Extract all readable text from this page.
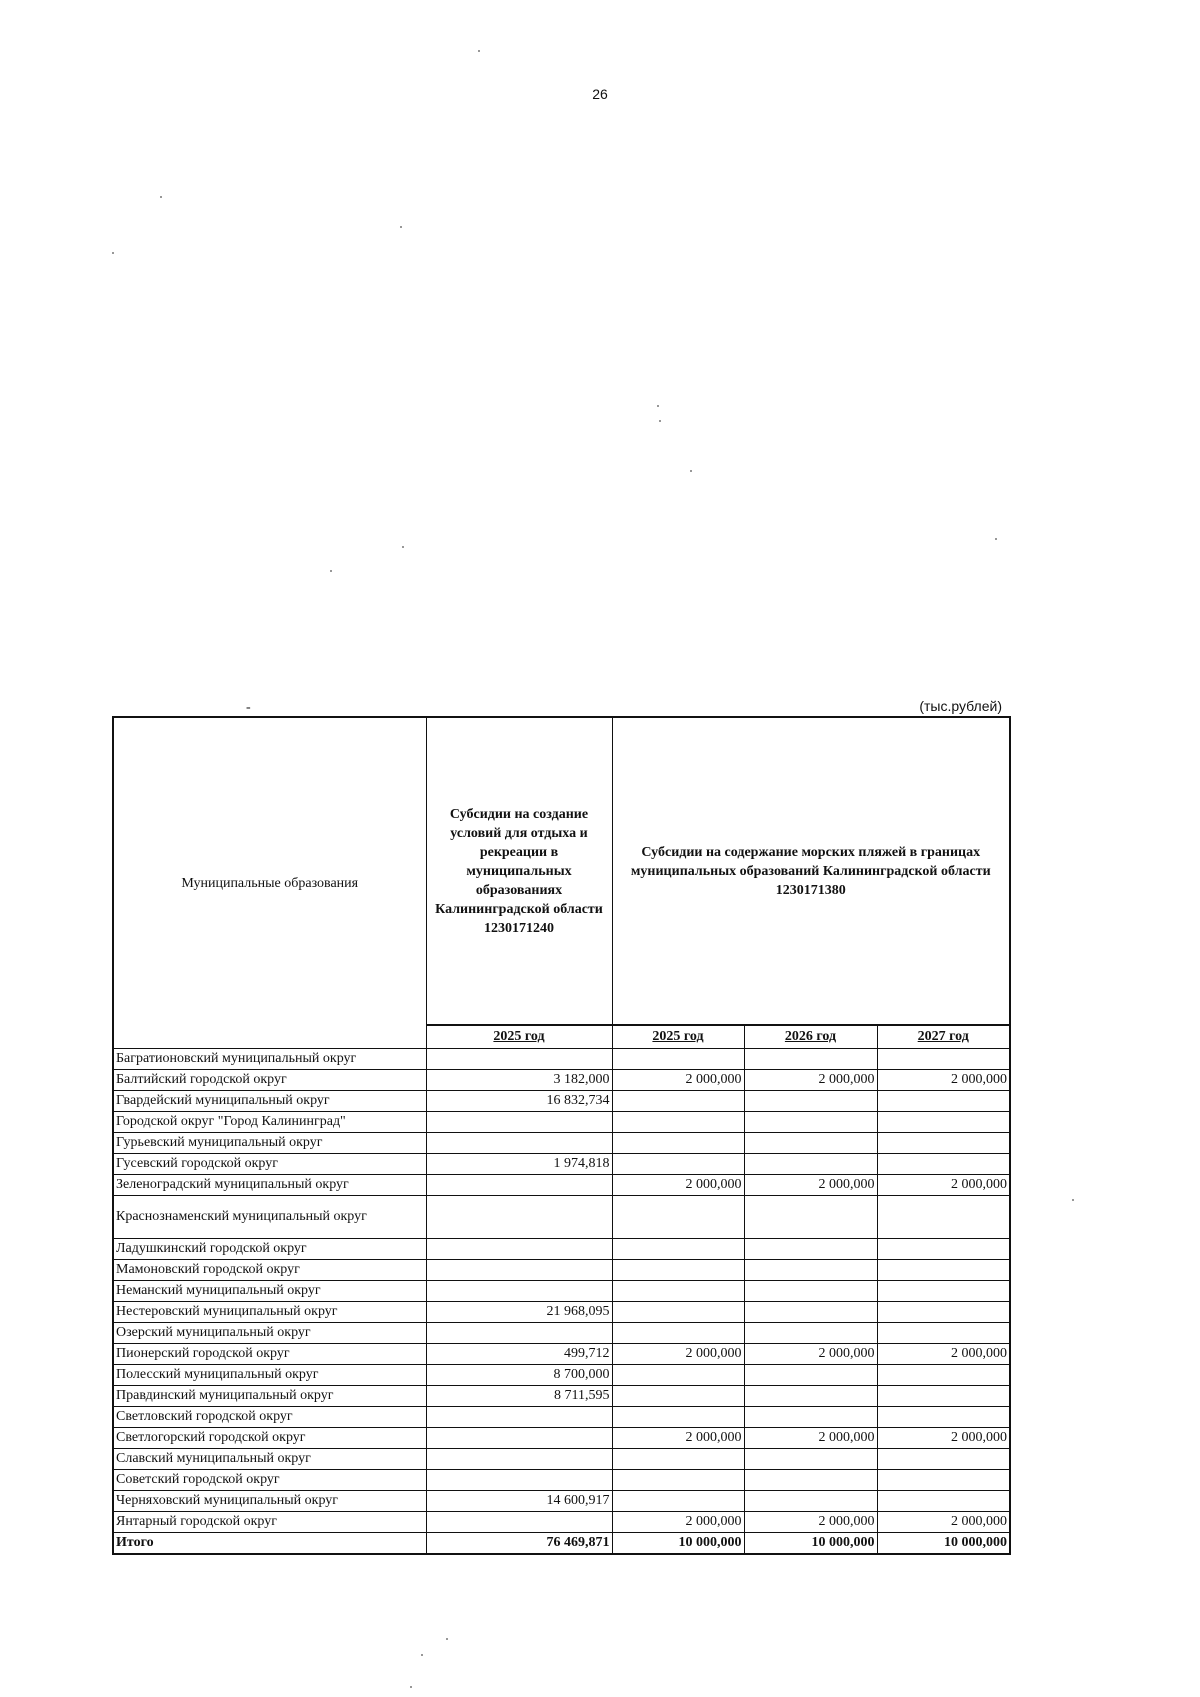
26
-	(тыс.рублей)
Муниципальные образования	Субсидии на создание условий для отдыха и рекреации в муниципальных образованиях Калининградской области 1230171240	Субсидии на содержание морских пляжей в границах муниципальных образований Калининградской области 1230171380		
	2025 год	2025 год	2026 год	2027 год
Багратионовский муниципальный округ				
Балтийский городской округ	3 182,000	2 000,000	2 000,000	2 000,000
Гвардейский муниципальный округ	16 832,734			
Городской округ "Город Калининград"				
Гурьевский муниципальный округ				
Гусевский городской округ	1 974,818			
Зеленоградский муниципальный округ		2 000,000	2 000,000	2 000,000
Краснознаменский муниципальный округ				
Ладушкинский городской округ				
Мамоновский городской округ				
Неманский муниципальный округ				
Нестеровский муниципальный округ	21 968,095			
Озерский муниципальный округ				
Пионерский городской округ	499,712	2 000,000	2 000,000	2 000,000
Полесский муниципальный округ	8 700,000			
Правдинский муниципальный округ	8 711,595			
Светловский городской округ				
Светлогорский городской округ		2 000,000	2 000,000	2 000,000
Славский муниципальный округ				
Советский городской округ				
Черняховский муниципальный округ	14 600,917			
Янтарный городской округ		2 000,000	2 000,000	2 000,000
Итого	76 469,871	10 000,000	10 000,000	10 000,000
